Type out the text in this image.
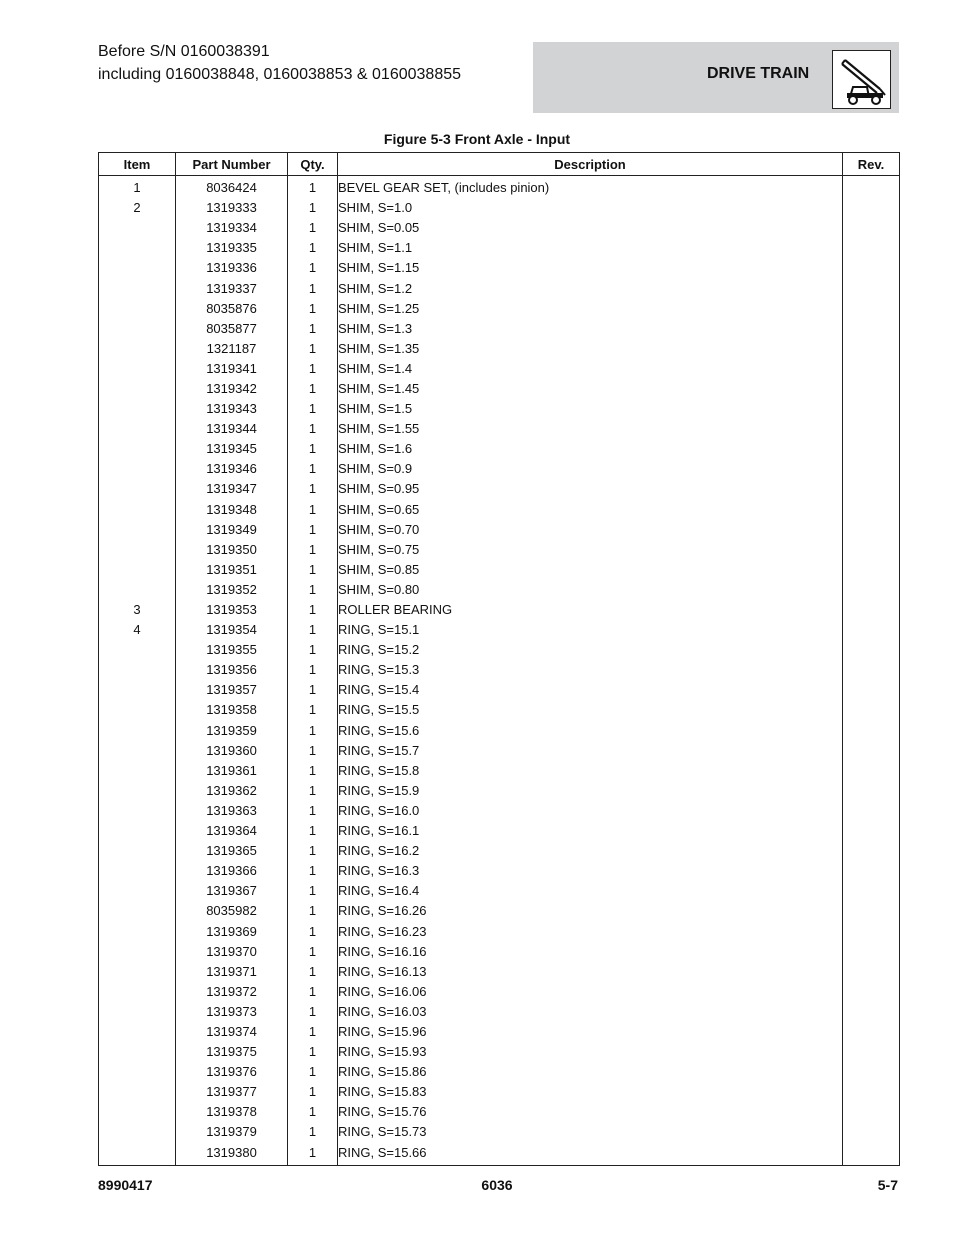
Before S/N 0160038391
including 0160038848, 0160038853 & 0160038855	DRIVE TRAIN
Figure 5-3 Front Axle - Input
Item	Part Number	Qty.	Description	Rev.
1	8036424	1	BEVEL GEAR SET, (includes pinion)	
2	1319333	1	SHIM, S=1.0	
	1319334	1	SHIM, S=0.05	
	1319335	1	SHIM, S=1.1	
	1319336	1	SHIM, S=1.15	
	1319337	1	SHIM, S=1.2	
	8035876	1	SHIM, S=1.25	
	8035877	1	SHIM, S=1.3	
	1321187	1	SHIM, S=1.35	
	1319341	1	SHIM, S=1.4	
	1319342	1	SHIM, S=1.45	
	1319343	1	SHIM, S=1.5	
	1319344	1	SHIM, S=1.55	
	1319345	1	SHIM, S=1.6	
	1319346	1	SHIM, S=0.9	
	1319347	1	SHIM, S=0.95	
	1319348	1	SHIM, S=0.65	
	1319349	1	SHIM, S=0.70	
	1319350	1	SHIM, S=0.75	
	1319351	1	SHIM, S=0.85	
	1319352	1	SHIM, S=0.80	
3	1319353	1	ROLLER BEARING	
4	1319354	1	RING, S=15.1	
	1319355	1	RING, S=15.2	
	1319356	1	RING, S=15.3	
	1319357	1	RING, S=15.4	
	1319358	1	RING, S=15.5	
	1319359	1	RING, S=15.6	
	1319360	1	RING, S=15.7	
	1319361	1	RING, S=15.8	
	1319362	1	RING, S=15.9	
	1319363	1	RING, S=16.0	
	1319364	1	RING, S=16.1	
	1319365	1	RING, S=16.2	
	1319366	1	RING, S=16.3	
	1319367	1	RING, S=16.4	
	8035982	1	RING, S=16.26	
	1319369	1	RING, S=16.23	
	1319370	1	RING, S=16.16	
	1319371	1	RING, S=16.13	
	1319372	1	RING, S=16.06	
	1319373	1	RING, S=16.03	
	1319374	1	RING, S=15.96	
	1319375	1	RING, S=15.93	
	1319376	1	RING, S=15.86	
	1319377	1	RING, S=15.83	
	1319378	1	RING, S=15.76	
	1319379	1	RING, S=15.73	
	1319380	1	RING, S=15.66	
8990417	6036	5-7
